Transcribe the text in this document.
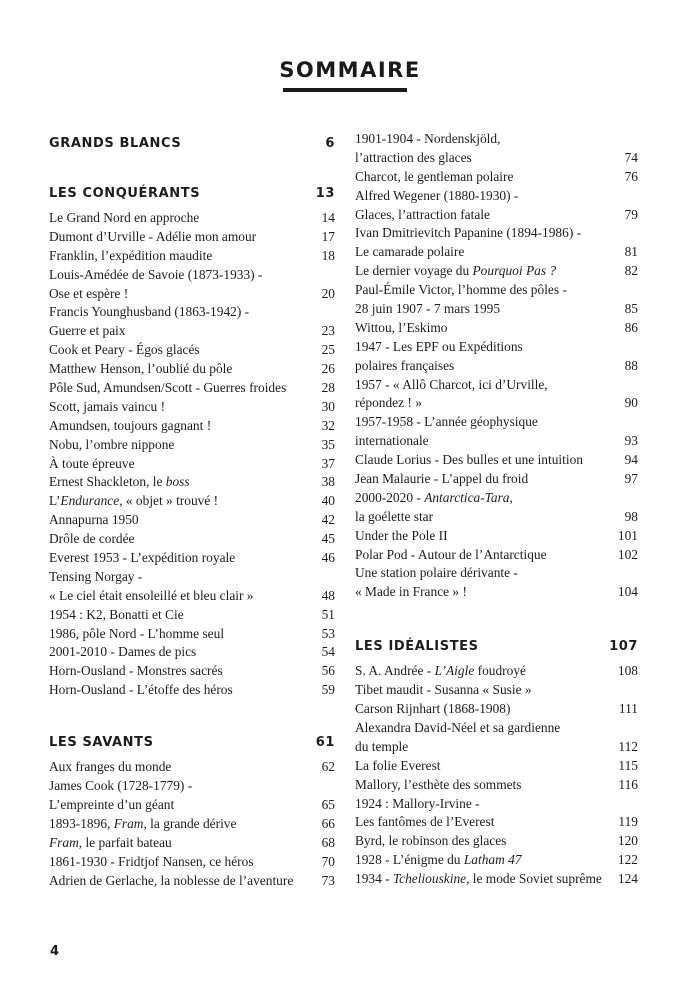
SOMMAIRE
GRANDS BLANCS	6
LES CONQUÉRANTS	13
Le Grand Nord en approche	14
Dumont d’Urville - Adélie mon amour	17
Franklin, l’expédition maudite	18
Louis-Amédée de Savoie (1873-1933) -
Ose et espère !	20
Francis Younghusband (1863-1942) -
Guerre et paix	23
Cook et Peary - Égos glacés	25
Matthew Henson, l’oublié du pôle	26
Pôle Sud, Amundsen/Scott - Guerres froides	28
Scott, jamais vaincu !	30
Amundsen, toujours gagnant !	32
Nobu, l’ombre nippone	35
À toute épreuve	37
Ernest Shackleton, le boss	38
L’Endurance, « objet » trouvé !	40
Annapurna 1950	42
Drôle de cordée	45
Everest 1953 - L’expédition royale	46
Tensing Norgay -
« Le ciel était ensoleillé et bleu clair »	48
1954 : K2, Bonatti et Cie	51
1986, pôle Nord - L’homme seul	53
2001-2010 - Dames de pics	54
Horn-Ousland - Monstres sacrés	56
Horn-Ousland - L’étoffe des héros	59
LES SAVANTS	61
Aux franges du monde	62
James Cook (1728-1779) -
L’empreinte d’un géant	65
1893-1896, Fram, la grande dérive	66
Fram, le parfait bateau	68
1861-1930 - Fridtjof Nansen, ce héros	70
Adrien de Gerlache, la noblesse de l’aventure	73
1901-1904 - Nordenskjöld,
l’attraction des glaces	74
Charcot, le gentleman polaire	76
Alfred Wegener (1880-1930) -
Glaces, l’attraction fatale	79
Ivan Dmitrievitch Papanine (1894-1986) -
Le camarade polaire	81
Le dernier voyage du Pourquoi Pas ?	82
Paul-Émile Victor, l’homme des pôles -
28 juin 1907 - 7 mars 1995	85
Wittou, l’Eskimo	86
1947 - Les EPF ou Expéditions
polaires françaises	88
1957 - « Allô Charcot, ici d’Urville,
répondez ! »	90
1957-1958 - L’année géophysique
internationale	93
Claude Lorius - Des bulles et une intuition	94
Jean Malaurie - L’appel du froid	97
2000-2020 - Antarctica-Tara,
la goélette star	98
Under the Pole II	101
Polar Pod - Autour de l’Antarctique	102
Une station polaire dérivante -
« Made in France » !	104
LES IDÉALISTES	107
S. A. Andrée - L’Aigle foudroyé	108
Tibet maudit - Susanna « Susie »
Carson Rijnhart (1868-1908)	111
Alexandra David-Néel et sa gardienne
du temple	112
La folie Everest	115
Mallory, l’esthète des sommets	116
1924 : Mallory-Irvine -
Les fantômes de l’Everest	119
Byrd, le robinson des glaces	120
1928 - L’énigme du Latham 47	122
1934 - Tcheliouskine, le mode Soviet suprême	124
4
